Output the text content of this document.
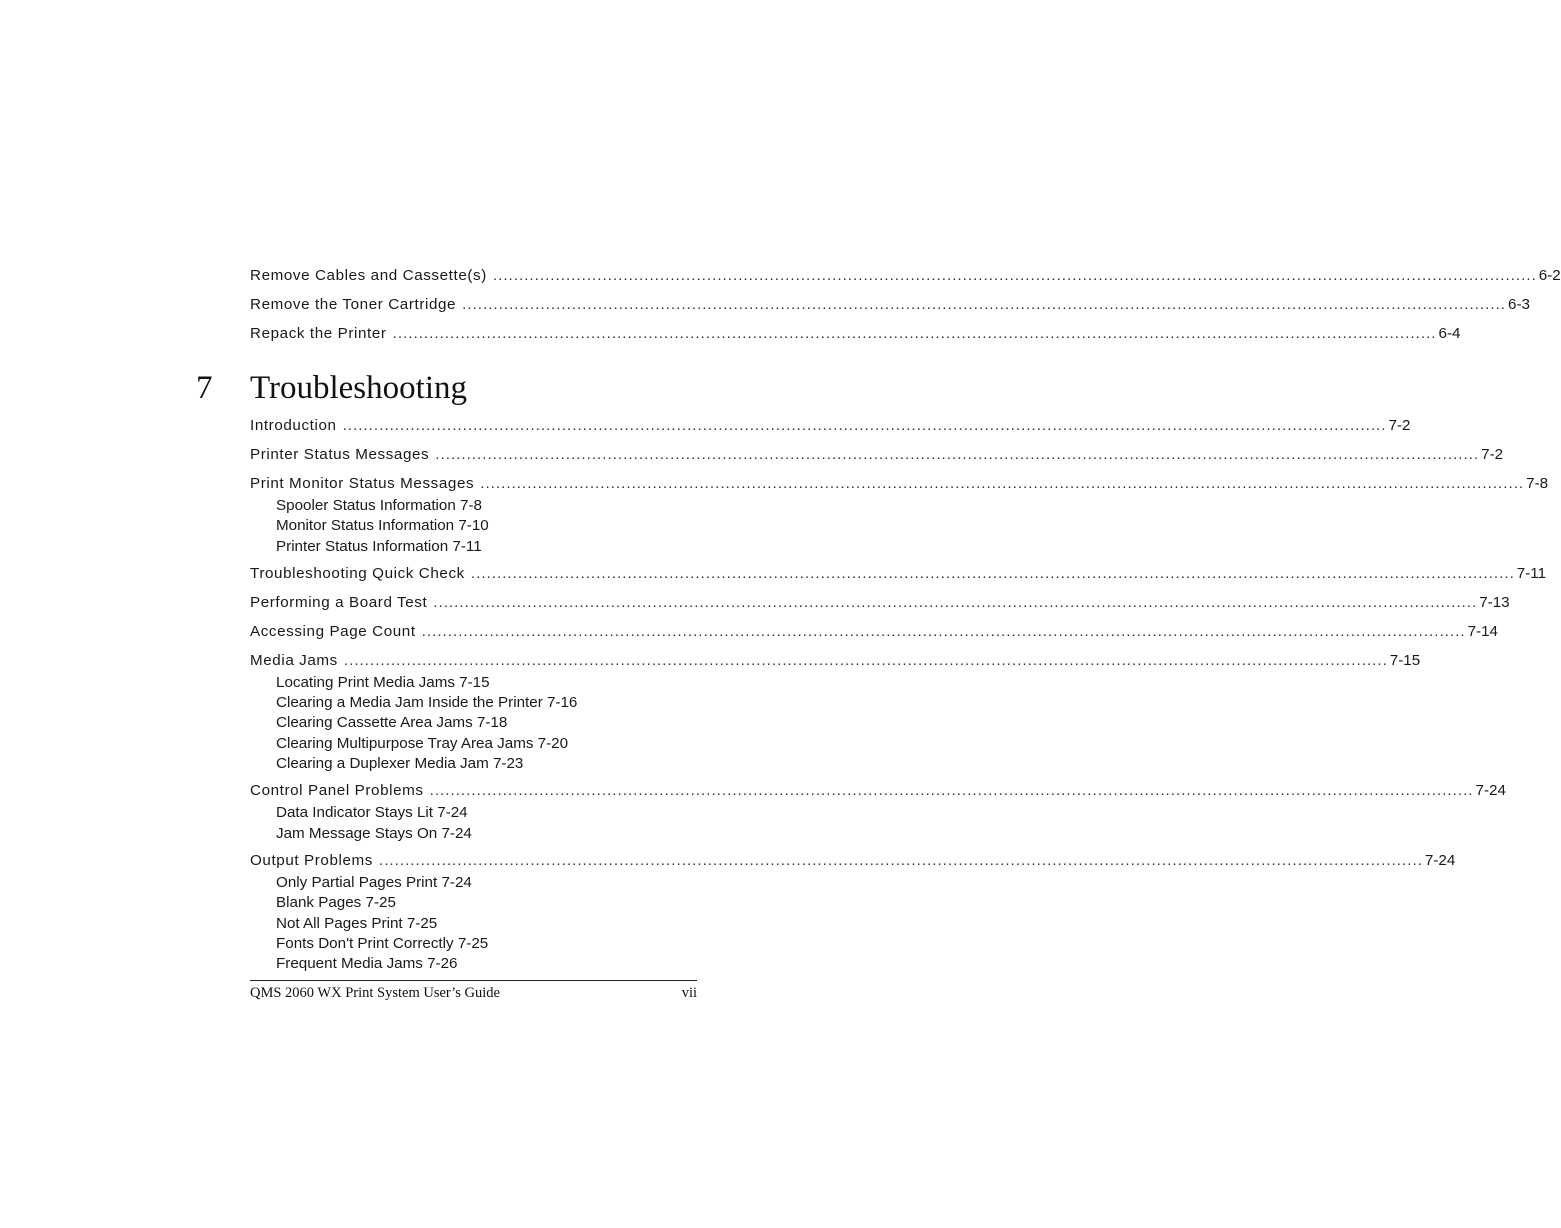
Remove Cables and Cassette(s) ........................................................................................................................................................................................................ 6-2
Remove the Toner Cartridge ........................................................................................................................................................................................................ 6-3
Repack the Printer ........................................................................................................................................................................................................ 6-4
7 Troubleshooting
Introduction ........................................................................................................................................................................................................ 7-2
Printer Status Messages ........................................................................................................................................................................................................ 7-2
Print Monitor Status Messages ........................................................................................................................................................................................................ 7-8
Spooler Status Information 7-8
Monitor Status Information 7-10
Printer Status Information 7-11
Troubleshooting Quick Check ........................................................................................................................................................................................................ 7-11
Performing a Board Test ........................................................................................................................................................................................................ 7-13
Accessing Page Count ........................................................................................................................................................................................................ 7-14
Media Jams ........................................................................................................................................................................................................ 7-15
Locating Print Media Jams 7-15
Clearing a Media Jam Inside the Printer 7-16
Clearing Cassette Area Jams 7-18
Clearing Multipurpose Tray Area Jams 7-20
Clearing a Duplexer Media Jam 7-23
Control Panel Problems ........................................................................................................................................................................................................ 7-24
Data Indicator Stays Lit 7-24
Jam Message Stays On 7-24
Output Problems ........................................................................................................................................................................................................ 7-24
Only Partial Pages Print 7-24
Blank Pages 7-25
Not All Pages Print 7-25
Fonts Don't Print Correctly 7-25
Frequent Media Jams 7-26
QMS 2060 WX Print System User’s Guide	vii
